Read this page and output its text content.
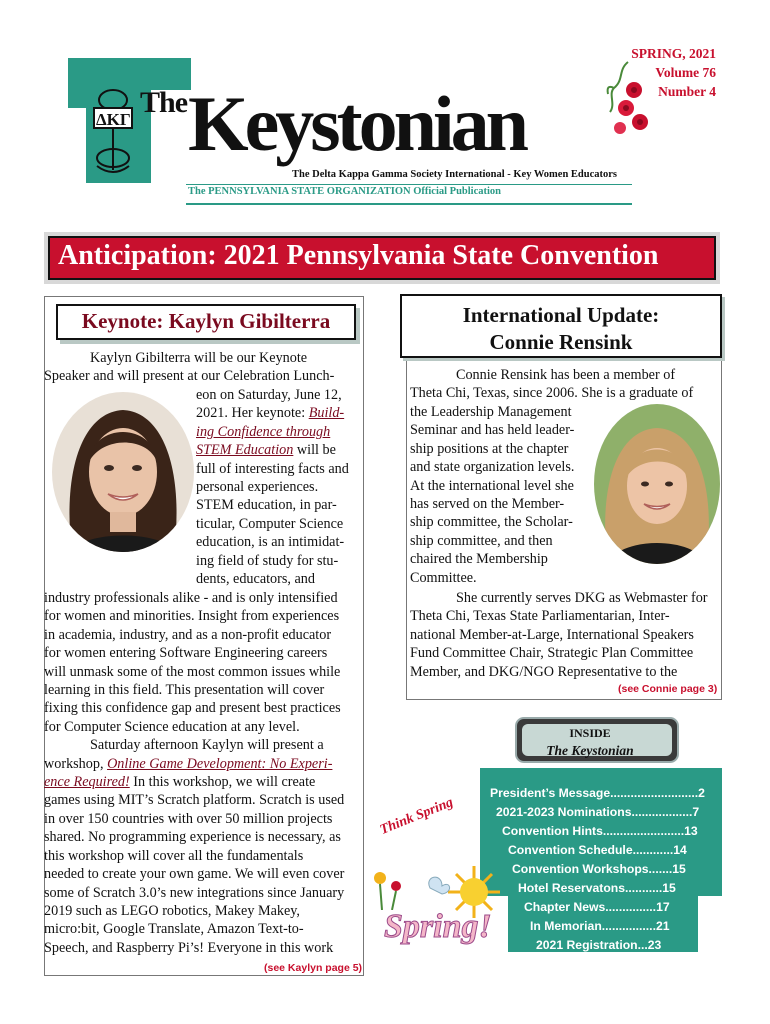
ΔΚΓ
The Keystonian
The Delta Kappa Gamma Society International - Key Women Educators
The PENNSYLVANIA STATE ORGANIZATION Official Publication
SPRING, 2021
Volume 76
Number 4
Anticipation: 2021 Pennsylvania State Convention
Keynote: Kaylyn Gibilterra

Kaylyn Gibilterra will be our Keynote

Speaker and will present at our Celebration Lunch-

eon on Saturday, June 12,

2021. Her keynote: Build-

ing Confidence through

STEM Education will be

full of interesting facts and

personal experiences.

STEM education, in par-

ticular, Computer Science

education, is an intimidat-

ing field of study for stu-

dents, educators, and

industry professionals alike - and is only intensified

for women and minorities. Insight from experiences

in academia, industry, and as a non-profit educator

for women entering Software Engineering careers

will unmask some of the most common issues while

learning in this field. This presentation will cover

fixing this confidence gap and present best practices

for Computer Science education at any level.

Saturday afternoon Kaylyn will present a

workshop, Online Game Development: No Experi-

ence Required! In this workshop, we will create

games using MIT’s Scratch platform. Scratch is used

in over 150 countries with over 50 million projects

shared. No programming experience is necessary, as

this workshop will cover all the fundamentals

needed to create your own game. We will even cover

some of Scratch 3.0’s new integrations since January

2019 such as LEGO robotics, Makey Makey,

micro:bit, Google Translate, Amazon Text-to-

Speech, and Raspberry Pi’s! Everyone in this work

(see Kaylyn page 5)
International Update:
Connie Rensink

Connie Rensink has been a member of

Theta Chi, Texas, since 2006. She is a graduate of

the Leadership Management

Seminar and has held leader-

ship positions at the chapter

and state organization levels.

At the international level she

has served on the Member-

ship committee, the Scholar-

ship committee, and then

chaired the Membership

Committee.

She currently serves DKG as Webmaster for

Theta Chi, Texas State Parliamentarian, Inter-

national Member-at-Large, International Speakers

Fund Committee Chair, Strategic Plan Committee

Member, and DKG/NGO Representative to the

(see Connie page 3)
INSIDE
The Keystonian
President’s Message..........................2
2021-2023 Nominations..................7
Convention Hints........................13
Convention Schedule............14
Convention Workshops.......15
Hotel Reservatons...........15
Chapter News...............17
In Memorian................21
2021 Registration...23
Think Spring
Spring!
